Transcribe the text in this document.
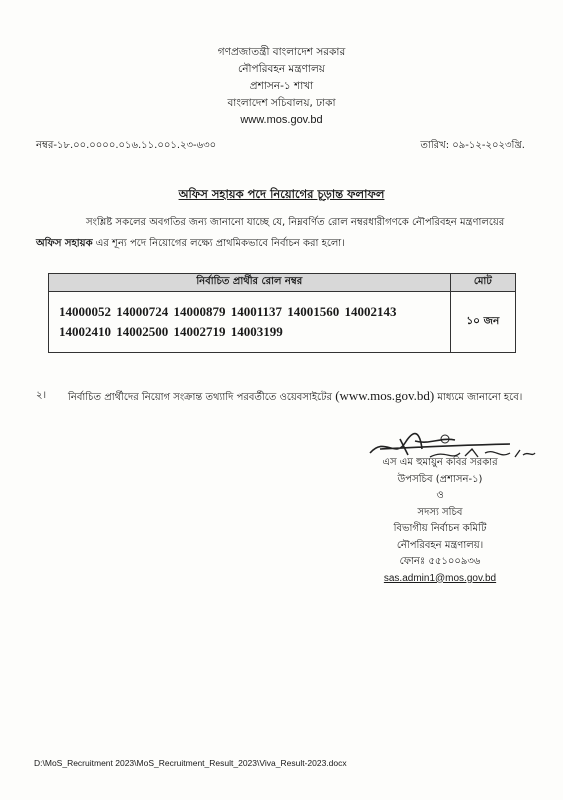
গণপ্রজাতন্ত্রী বাংলাদেশ সরকার
নৌপরিবহন মন্ত্রণালয়
প্রশাসন-১ শাখা
বাংলাদেশ সচিবালয়, ঢাকা
www.mos.gov.bd
নম্বর-১৮.০০.০০০০.০১৬.১১.০০১.২৩-৬৩০	তারিখ: ০৯-১২-২০২৩খ্রি.
অফিস সহায়ক পদে নিয়োগের চূড়ান্ত ফলাফল
সংশ্লিষ্ট সকলের অবগতির জন্য জানানো যাচ্ছে যে, নিম্নবর্ণিত রোল নম্বরধারীগণকে নৌপরিবহন মন্ত্রণালয়ের অফিস সহায়ক এর শূন্য পদে নিয়োগের লক্ষ্যে প্রাথমিকভাবে নির্বাচন করা হলো।
নির্বাচিত প্রার্থীর রোল নম্বর	মোট

14000052 14000724 14000879 14001137 14001560 14002143
14002410 14002500 14002719 14003199	১০ জন
২। নির্বাচিত প্রার্থীদের নিয়োগ সংক্রান্ত তথ্যাদি পরবর্তীতে ওয়েবসাইটের (www.mos.gov.bd) মাধ্যমে জানানো হবে।
এস এম হুমায়ুন কবির সরকার
উপসচিব (প্রশাসন-১)
ও
সদস্য সচিব
বিভাগীয় নির্বাচন কমিটি
নৌপরিবহন মন্ত্রণালয়।
ফোনঃ ৫৫১০০৯৩৬
sas.admin1@mos.gov.bd
D:\MoS_Recruitment 2023\MoS_Recruitment_Result_2023\Viva_Result-2023.docx
